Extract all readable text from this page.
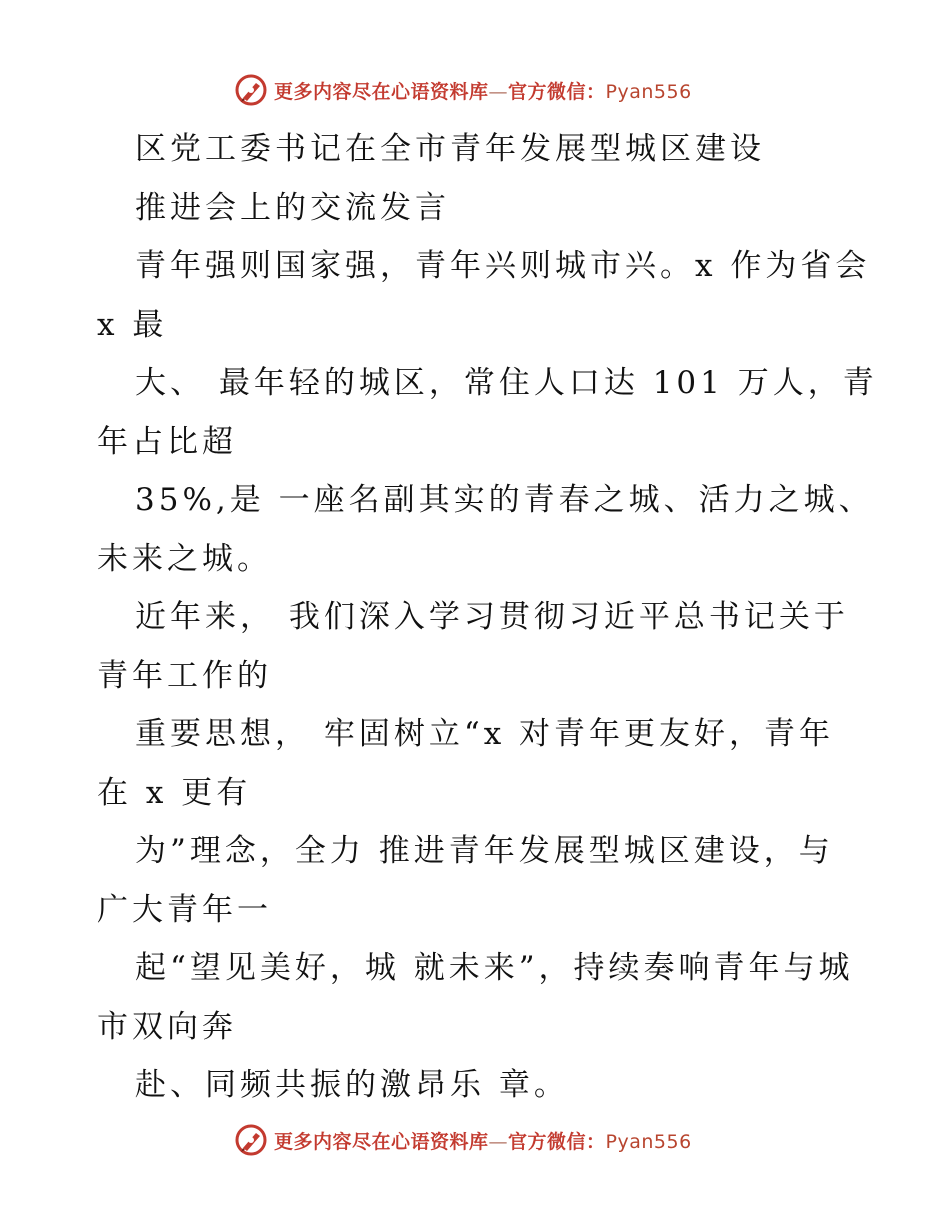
更多内容尽在心语资料库—官方微信：Pyan556
区党工委书记在全市青年发展型城区建设
推进会上的交流发言
青年强则国家强，青年兴则城市兴。x 作为省会
x 最
大、 最年轻的城区，常住人口达 101 万人，青
年占比超
35%,是 一座名副其实的青春之城、活力之城、
未来之城。
近年来， 我们深入学习贯彻习近平总书记关于
青年工作的
重要思想， 牢固树立“x 对青年更友好，青年
在 x 更有
为”理念，全力 推进青年发展型城区建设，与
广大青年一
起“望见美好，城 就未来”，持续奏响青年与城
市双向奔
赴、同频共振的激昂乐 章。
更多内容尽在心语资料库—官方微信：Pyan556
